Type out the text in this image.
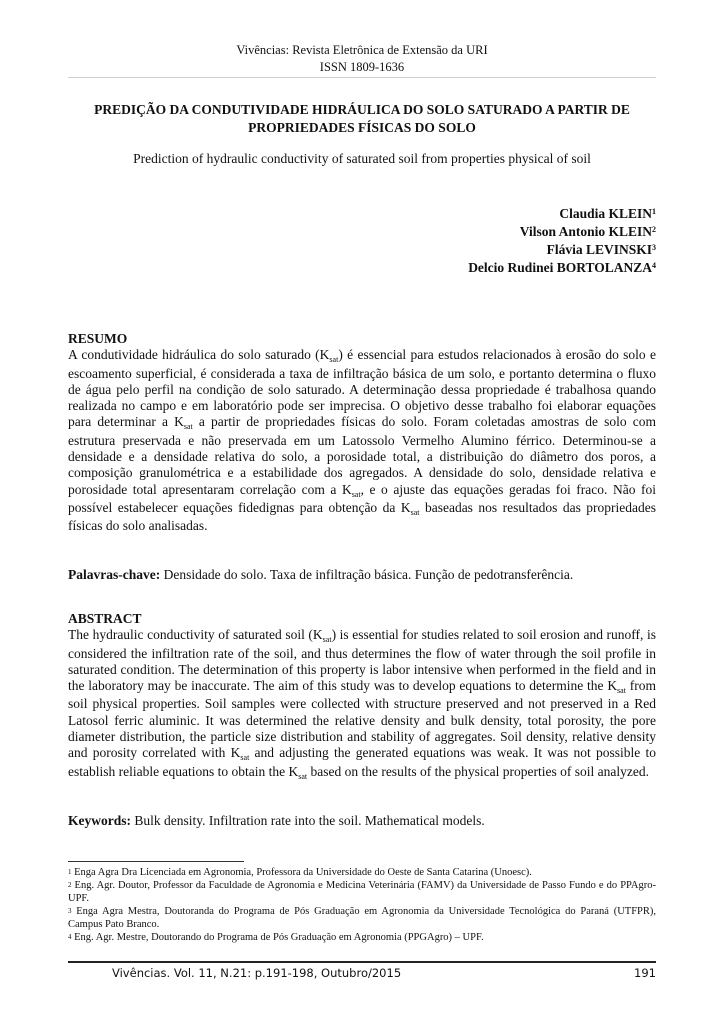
Vivências: Revista Eletrônica de Extensão da URI
ISSN 1809-1636
PREDIÇÃO DA CONDUTIVIDADE HIDRÁULICA DO SOLO SATURADO A PARTIR DE
PROPRIEDADES FÍSICAS DO SOLO
Prediction of hydraulic conductivity of saturated soil from properties physical of soil
Claudia KLEIN$^1$
Vilson Antonio KLEIN$^2$
Flávia LEVINSKI$^3$
Delcio Rudinei BORTOLANZA$^4$
RESUMO
A condutividade hidráulica do solo saturado $(K_{sat})$ é essencial para estudos relacionados à erosão do solo e escoamento superficial, é considerada a taxa de infiltração básica de um solo, e portanto determina o fluxo de água pelo perfil na condição de solo saturado. A determinação dessa propriedade é trabalhosa quando realizada no campo e em laboratório pode ser imprecisa. O objetivo desse trabalho foi elaborar equações para determinar a $K_{sat}$ a partir de propriedades físicas do solo. Foram coletadas amostras de solo com estrutura preservada e não preservada em um Latossolo Vermelho Alumino férrico. Determinou-se a densidade e a densidade relativa do solo, a porosidade total, a distribuição do diâmetro dos poros, a composição granulométrica e a estabilidade dos agregados. A densidade do solo, densidade relativa e porosidade total apresentaram correlação com a $K_{sat}$, e o ajuste das equações geradas foi fraco. Não foi possível estabelecer equações fidedignas para obtenção da $K_{sat}$ baseadas nos resultados das propriedades físicas do solo analisadas.
Palavras-chave: Densidade do solo. Taxa de infiltração básica. Função de pedotransferência.
ABSTRACT
The hydraulic conductivity of saturated soil $(K_{sat})$ is essential for studies related to soil erosion and runoff, is considered the infiltration rate of the soil, and thus determines the flow of water through the soil profile in saturated condition. The determination of this property is labor intensive when performed in the field and in the laboratory may be inaccurate. The aim of this study was to develop equations to determine the $K_{sat}$ from soil physical properties. Soil samples were collected with structure preserved and not preserved in a Red Latosol ferric aluminic. It was determined the relative density and bulk density, total porosity, the pore diameter distribution, the particle size distribution and stability of aggregates. Soil density, relative density and porosity correlated with $K_{sat}$ and adjusting the generated equations was weak. It was not possible to establish reliable equations to obtain the $K_{sat}$ based on the results of the physical properties of soil analyzed.
Keywords: Bulk density. Infiltration rate into the soil. Mathematical models.

$^1$ Enga Agra Dra Licenciada em Agronomia, Professora da Universidade do Oeste de Santa Catarina (Unoesc).

$^2$ Eng. Agr. Doutor, Professor da Faculdade de Agronomia e Medicina Veterinária (FAMV) da Universidade de Passo Fundo e do PPAgro-UPF.

$^3$ Enga Agra Mestra, Doutoranda do Programa de Pós Graduação em Agronomia da Universidade Tecnológica do Paraná (UTFPR), Campus Pato Branco.

$^4$ Eng. Agr. Mestre, Doutorando do Programa de Pós Graduação em Agronomia (PPGAgro) – UPF.

Vivências. Vol. 11, N.21: p.191-198, Outubro/2015	191
